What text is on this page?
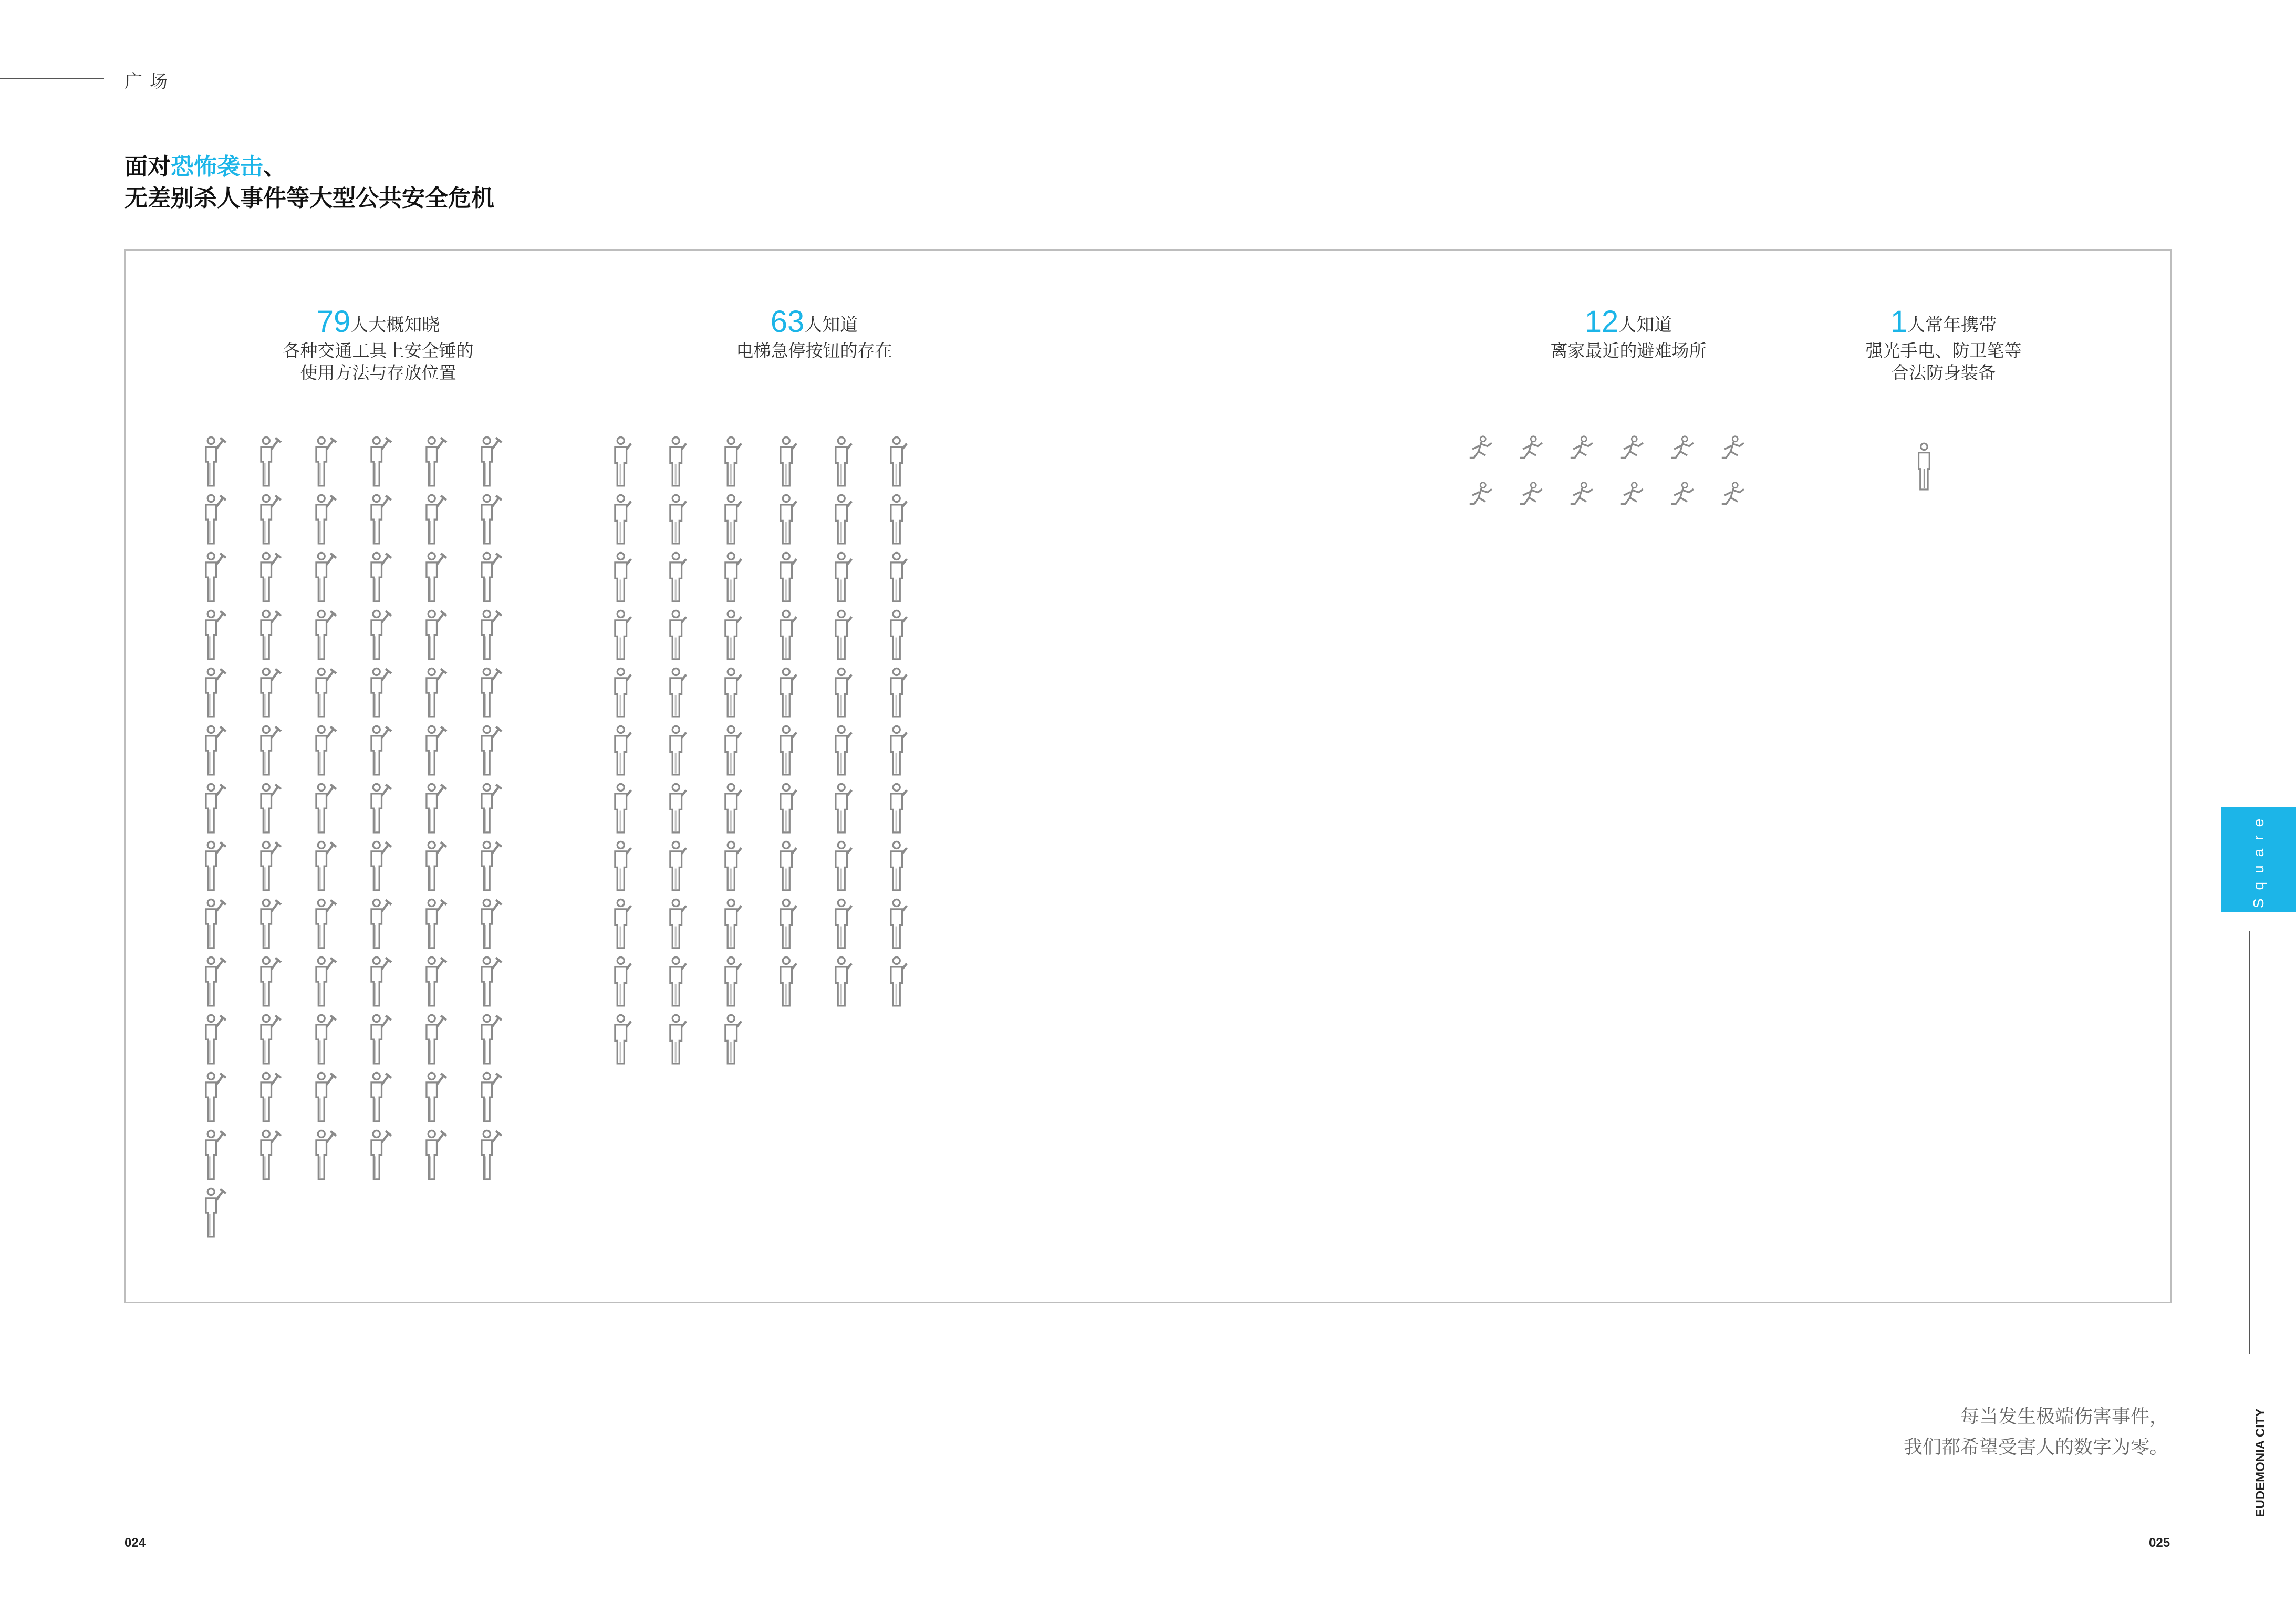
广场
面对恐怖袭击、
无差别杀人事件等大型公共安全危机
79人大概知晓
各种交通工具上安全锤的
使用方法与存放位置
63人知道
电梯急停按钮的存在
12人知道
离家最近的避难场所
1人常年携带
强光手电、防卫笔等
合法防身装备
每当发生极端伤害事件，
我们都希望受害人的数字为零。
024	025
Square
EUDEMONIA CITY
